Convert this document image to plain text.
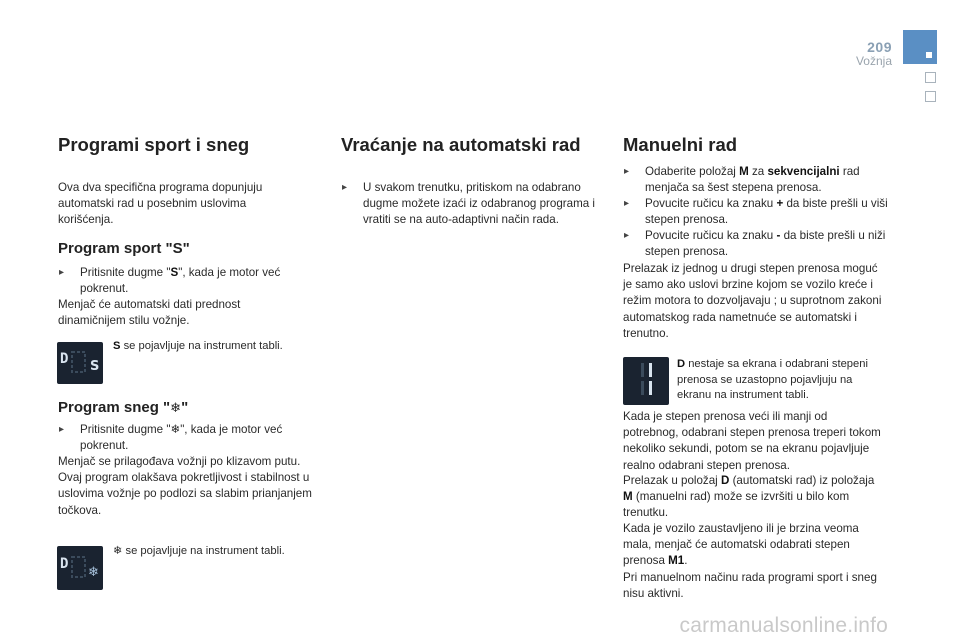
209
Vožnja
Programi sport i sneg
Ova dva specifična programa dopunjuju automatski rad u posebnim uslovima korišćenja.
Program sport "S"
▸ Pritisnite dugme "S", kada je motor već pokrenut.
Menjač će automatski dati prednost dinamičnijem stilu vožnje.
D S
S se pojavljuje na instrument tabli.
Program sneg "❄"
▸ Pritisnite dugme "❄", kada je motor već pokrenut.
Menjač se prilagođava vožnji po klizavom putu. Ovaj program olakšava pokretljivost i stabilnost u uslovima vožnje po podlozi sa slabim prianjanjem točkova.
D
❄
❄ se pojavljuje na instrument tabli.
Vraćanje na automatski rad
▸ U svakom trenutku, pritiskom na odabrano dugme možete izaći iz odabranog programa i vratiti se na auto-adaptivni način rada.
Manuelni rad
▸ Odaberite položaj M za sekvencijalni rad menjača sa šest stepena prenosa.
▸ Povucite ručicu ka znaku + da biste prešli u viši stepen prenosa.
▸ Povucite ručicu ka znaku - da biste prešli u niži stepen prenosa.
Prelazak iz jednog u drugi stepen prenosa moguć je samo ako uslovi brzine kojom se vozilo kreće i režim motora to dozvoljavaju ; u suprotnom zakoni automatskog rada nametnuće se automatski i trenutno.
D nestaje sa ekrana i odabrani stepeni prenosa se uzastopno pojavljuju na ekranu na instrument tabli.
Kada je stepen prenosa veći ili manji od potrebnog, odabrani stepen prenosa treperi tokom nekoliko sekundi, potom se na ekranu pojavljuje realno odabrani stepen prenosa.
Prelazak u položaj D (automatski rad) iz položaja M (manuelni rad) može se izvršiti u bilo kom trenutku.
Kada je vozilo zaustavljeno ili je brzina veoma mala, menjač će automatski odabrati stepen prenosa M1.
Pri manuelnom načinu rada programi sport i sneg nisu aktivni.
carmanualsonline.info
